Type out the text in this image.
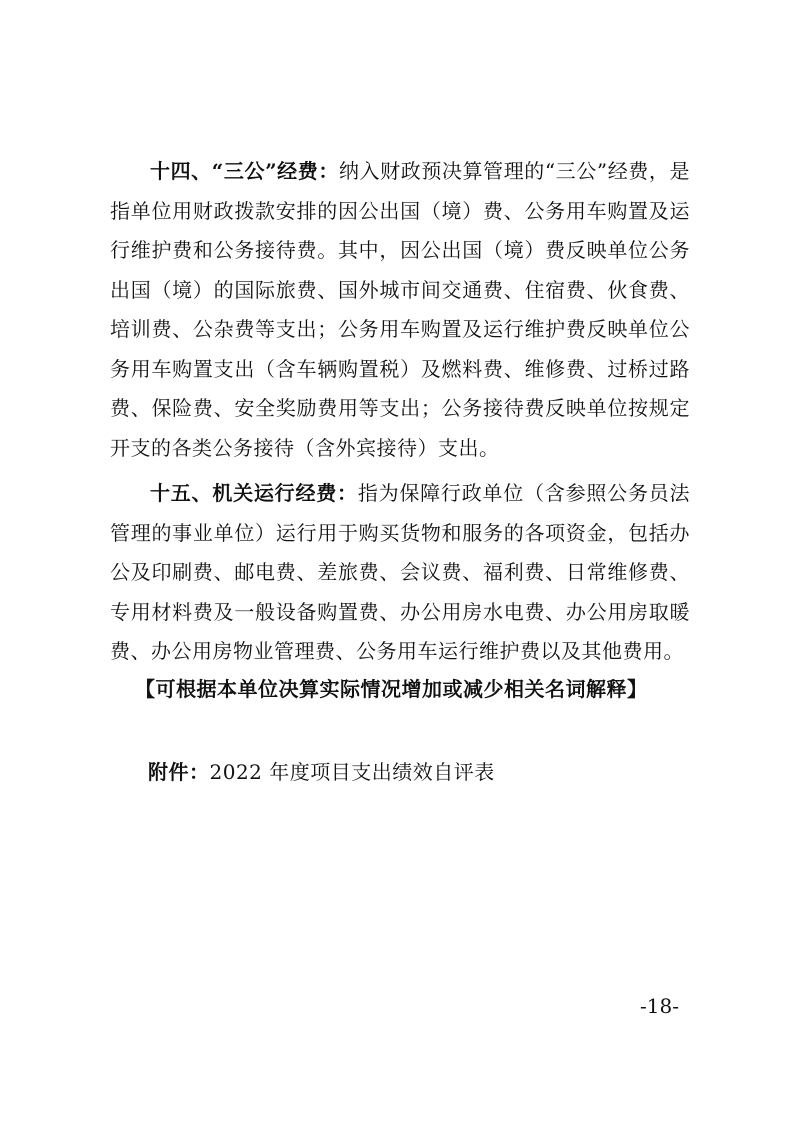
十四、“三公”经费：纳入财政预决算管理的“三公”经费，是指单位用财政拨款安排的因公出国（境）费、公务用车购置及运行维护费和公务接待费。其中，因公出国（境）费反映单位公务出国（境）的国际旅费、国外城市间交通费、住宿费、伙食费、培训费、公杂费等支出；公务用车购置及运行维护费反映单位公务用车购置支出（含车辆购置税）及燃料费、维修费、过桥过路费、保险费、安全奖励费用等支出；公务接待费反映单位按规定开支的各类公务接待（含外宾接待）支出。

十五、机关运行经费：指为保障行政单位（含参照公务员法管理的事业单位）运行用于购买货物和服务的各项资金，包括办公及印刷费、邮电费、差旅费、会议费、福利费、日常维修费、专用材料费及一般设备购置费、办公用房水电费、办公用房取暖费、办公用房物业管理费、公务用车运行维护费以及其他费用。

【可根据本单位决算实际情况增加或减少相关名词解释】

附件：2022 年度项目支出绩效自评表

-18-
